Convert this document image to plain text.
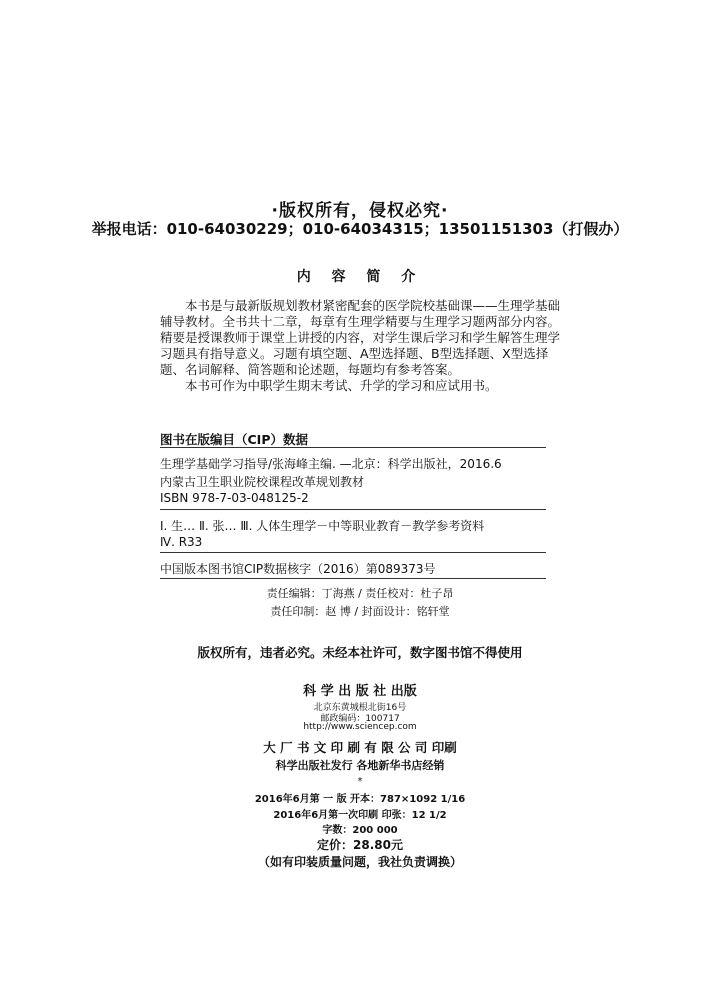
·版权所有，侵权必究·
举报电话：010-64030229；010-64034315；13501151303（打假办）
内 容 简 介

本书是与最新版规划教材紧密配套的医学院校基础课——生理学基础辅导教材。全书共十二章，每章有生理学精要与生理学习题两部分内容。精要是授课教师于课堂上讲授的内容，对学生课后学习和学生解答生理学习题具有指导意义。习题有填空题、A型选择题、B型选择题、X型选择题、名词解释、简答题和论述题，每题均有参考答案。

本书可作为中职学生期末考试、升学的学习和应试用书。

图书在版编目（CIP）数据
生理学基础学习指导/张海峰主编. —北京：科学出版社，2016.6
内蒙古卫生职业院校课程改革规划教材
ISBN 978-7-03-048125-2
Ⅰ. 生… Ⅱ. 张… Ⅲ. 人体生理学－中等职业教育－教学参考资料
Ⅳ. R33
中国版本图书馆CIP数据核字（2016）第089373号
责任编辑：丁海燕 / 责任校对：杜子昂
责任印制：赵 博 / 封面设计：铭轩堂
版权所有，违者必究。未经本社许可，数字图书馆不得使用
科 学 出 版 社 出版
北京东黄城根北街16号
邮政编码：100717
http://www.sciencep.com
大 厂 书 文 印 刷 有 限 公 司 印刷
科学出版社发行 各地新华书店经销
*
2016年6月第 一 版 开本：787×1092 1/16
2016年6月第一次印刷 印张：12 1/2
字数：200 000
定价：28.80元
（如有印装质量问题，我社负责调换）
